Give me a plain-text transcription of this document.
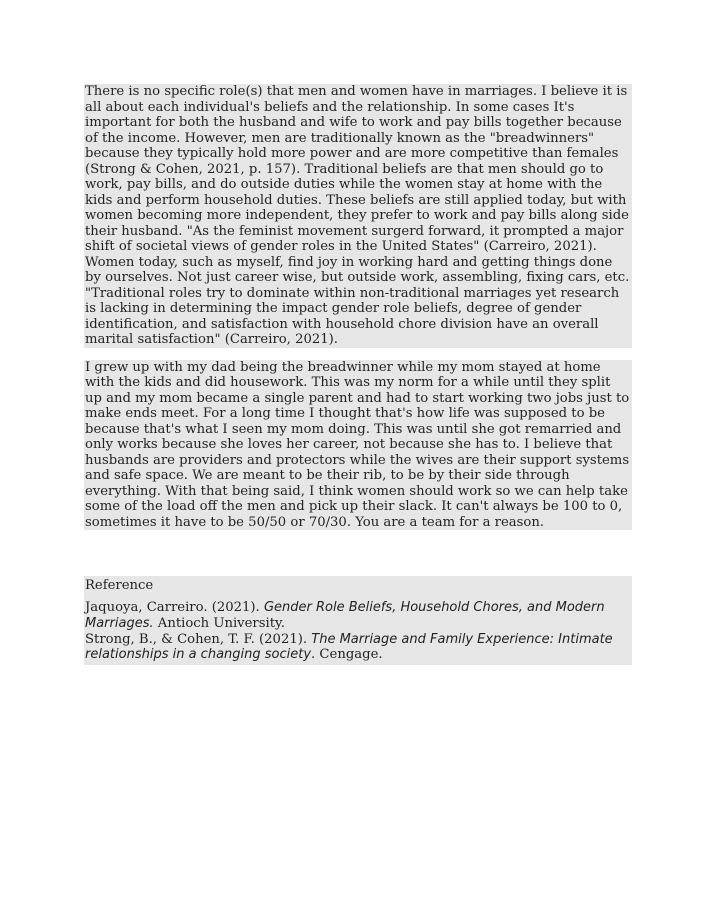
There is no specific role(s) that men and women have in marriages. I believe it is all about each individual's beliefs and the relationship. In some cases It's important for both the husband and wife to work and pay bills together because of the income. However, men are traditionally known as the "breadwinners" because they typically hold more power and are more competitive than females (Strong & Cohen, 2021, p. 157). Traditional beliefs are that men should go to work, pay bills, and do outside duties while the women stay at home with the kids and perform household duties. These beliefs are still applied today, but with women becoming more independent, they prefer to work and pay bills along side their husband. "As the feminist movement surgerd forward, it prompted a major shift of societal views of gender roles in the United States" (Carreiro, 2021). Women today, such as myself, find joy in working hard and getting things done by ourselves. Not just career wise, but outside work, assembling, fixing cars, etc. "Traditional roles try to dominate within non-traditional marriages yet research is lacking in determining the impact gender role beliefs, degree of gender identification, and satisfaction with household chore division have an overall marital satisfaction" (Carreiro, 2021).

I grew up with my dad being the breadwinner while my mom stayed at home with the kids and did housework. This was my norm for a while until they split up and my mom became a single parent and had to start working two jobs just to make ends meet. For a long time I thought that's how life was supposed to be because that's what I seen my mom doing. This was until she got remarried and only works because she loves her career, not because she has to. I believe that husbands are providers and protectors while the wives are their support systems and safe space. We are meant to be their rib, to be by their side through everything. With that being said, I think women should work so we can help take some of the load off the men and pick up their slack. It can't always be 100 to 0, sometimes it have to be 50/50 or 70/30. You are a team for a reason.

Reference

Jaquoya, Carreiro. (2021). Gender Role Beliefs, Household Chores, and Modern Marriages. Antioch University.

Strong, B., & Cohen, T. F. (2021). The Marriage and Family Experience: Intimate relationships in a changing society. Cengage.
